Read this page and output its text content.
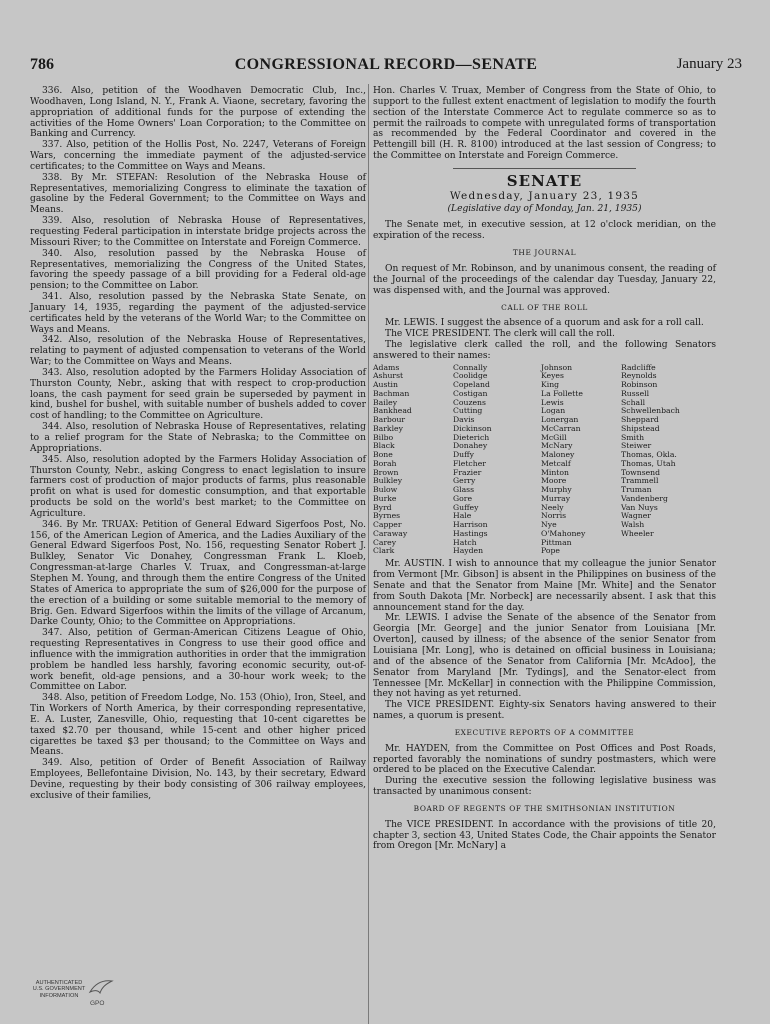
786	CONGRESSIONAL RECORD—SENATE	January 23

336. Also, petition of the Woodhaven Democratic Club, Inc., Woodhaven, Long Island, N. Y., Frank A. Viaone, secretary, favoring the appropriation of additional funds for the purpose of extending the activities of the Home Owners' Loan Corporation; to the Committee on Banking and Currency.

337. Also, petition of the Hollis Post, No. 2247, Veterans of Foreign Wars, concerning the immediate payment of the adjusted-service certificates; to the Committee on Ways and Means.

338. By Mr. STEFAN: Resolution of the Nebraska House of Representatives, memorializing Congress to eliminate the taxation of gasoline by the Federal Government; to the Committee on Ways and Means.

339. Also, resolution of Nebraska House of Representatives, requesting Federal participation in interstate bridge projects across the Missouri River; to the Committee on Interstate and Foreign Commerce.

340. Also, resolution passed by the Nebraska House of Representatives, memorializing the Congress of the United States, favoring the speedy passage of a bill providing for a Federal old-age pension; to the Committee on Labor.

341. Also, resolution passed by the Nebraska State Senate, on January 14, 1935, regarding the payment of the adjusted-service certificates held by the veterans of the World War; to the Committee on Ways and Means.

342. Also, resolution of the Nebraska House of Representatives, relating to payment of adjusted compensation to veterans of the World War; to the Committee on Ways and Means.

343. Also, resolution adopted by the Farmers Holiday Association of Thurston County, Nebr., asking that with respect to crop-production loans, the cash payment for seed grain be superseded by payment in kind, bushel for bushel, with suitable number of bushels added to cover cost of handling; to the Committee on Agriculture.

344. Also, resolution of Nebraska House of Representatives, relating to a relief program for the State of Nebraska; to the Committee on Appropriations.

345. Also, resolution adopted by the Farmers Holiday Association of Thurston County, Nebr., asking Congress to enact legislation to insure farmers cost of production of major products of farms, plus reasonable profit on what is used for domestic consumption, and that exportable products be sold on the world's best market; to the Committee on Agriculture.

346. By Mr. TRUAX: Petition of General Edward Sigerfoos Post, No. 156, of the American Legion of America, and the Ladies Auxiliary of the General Edward Sigerfoos Post, No. 156, requesting Senator Robert J. Bulkley, Senator Vic Donahey, Congressman Frank L. Kloeb, Congressman-at-large Charles V. Truax, and Congressman-at-large Stephen M. Young, and through them the entire Congress of the United States of America to appropriate the sum of $26,000 for the purpose of the erection of a building or some suitable memorial to the memory of Brig. Gen. Edward Sigerfoos within the limits of the village of Arcanum, Darke County, Ohio; to the Committee on Appropriations.

347. Also, petition of German-American Citizens League of Ohio, requesting Representatives in Congress to use their good office and influence with the immigration authorities in order that the immigration problem be handled less harshly, favoring economic security, out-of-work benefit, old-age pensions, and a 30-hour work week; to the Committee on Labor.

348. Also, petition of Freedom Lodge, No. 153 (Ohio), Iron, Steel, and Tin Workers of North America, by their corresponding representative, E. A. Luster, Zanesville, Ohio, requesting that 10-cent cigarettes be taxed $2.70 per thousand, while 15-cent and other higher priced cigarettes be taxed $3 per thousand; to the Committee on Ways and Means.

349. Also, petition of Order of Benefit Association of Railway Employees, Bellefontaine Division, No. 143, by their secretary, Edward Devine, requesting by their body consisting of 306 railway employees, exclusive of their families,

Hon. Charles V. Truax, Member of Congress from the State of Ohio, to support to the fullest extent enactment of legislation to modify the fourth section of the Interstate Commerce Act to regulate commerce so as to permit the railroads to compete with unregulated forms of transportation as recommended by the Federal Coordinator and covered in the Pettengill bill (H. R. 8100) introduced at the last session of Congress; to the Committee on Interstate and Foreign Commerce.

SENATE
Wednesday, January 23, 1935
(Legislative day of Monday, Jan. 21, 1935)

The Senate met, in executive session, at 12 o'clock meridian, on the expiration of the recess.

THE JOURNAL

On request of Mr. Robinson, and by unanimous consent, the reading of the Journal of the proceedings of the calendar day Tuesday, January 22, was dispensed with, and the Journal was approved.

CALL OF THE ROLL

Mr. LEWIS. I suggest the absence of a quorum and ask for a roll call.

The VICE PRESIDENT. The clerk will call the roll.

The legislative clerk called the roll, and the following Senators answered to their names:

Adams
Ashurst
Austin
Bachman
Bailey
Bankhead
Barbour
Barkley
Bilbo
Black
Bone
Borah
Brown
Bulkley
Bulow
Burke
Byrd
Byrnes
Capper
Caraway
Carey
Clark
Connally
Coolidge
Copeland
Costigan
Couzens
Cutting
Davis
Dickinson
Dieterich
Donahey
Duffy
Fletcher
Frazier
Gerry
Glass
Gore
Guffey
Hale
Harrison
Hastings
Hatch
Hayden
Johnson
Keyes
King
La Follette
Lewis
Logan
Lonergan
McCarran
McGill
McNary
Maloney
Metcalf
Minton
Moore
Murphy
Murray
Neely
Norris
Nye
O'Mahoney
Pittman
Pope
Radcliffe
Reynolds
Robinson
Russell
Schall
Schwellenbach
Sheppard
Shipstead
Smith
Steiwer
Thomas, Okla.
Thomas, Utah
Townsend
Trammell
Truman
Vandenberg
Van Nuys
Wagner
Walsh
Wheeler

Mr. AUSTIN. I wish to announce that my colleague the junior Senator from Vermont [Mr. Gibson] is absent in the Philippines on business of the Senate and that the Senator from Maine [Mr. White] and the Senator from South Dakota [Mr. Norbeck] are necessarily absent. I ask that this announcement stand for the day.

Mr. LEWIS. I advise the Senate of the absence of the Senator from Georgia [Mr. George] and the junior Senator from Louisiana [Mr. Overton], caused by illness; of the absence of the senior Senator from Louisiana [Mr. Long], who is detained on official business in Louisiana; and of the absence of the Senator from California [Mr. McAdoo], the Senator from Maryland [Mr. Tydings], and the Senator-elect from Tennessee [Mr. McKellar] in connection with the Philippine Commission, they not having as yet returned.

The VICE PRESIDENT. Eighty-six Senators having answered to their names, a quorum is present.

EXECUTIVE REPORTS OF A COMMITTEE

Mr. HAYDEN, from the Committee on Post Offices and Post Roads, reported favorably the nominations of sundry postmasters, which were ordered to be placed on the Executive Calendar.

During the executive session the following legislative business was transacted by unanimous consent:

BOARD OF REGENTS OF THE SMITHSONIAN INSTITUTION

The VICE PRESIDENT. In accordance with the provisions of title 20, chapter 3, section 43, United States Code, the Chair appoints the Senator from Oregon [Mr. McNary] a

AUTHENTICATED
U.S. GOVERNMENT
INFORMATION
GPO
